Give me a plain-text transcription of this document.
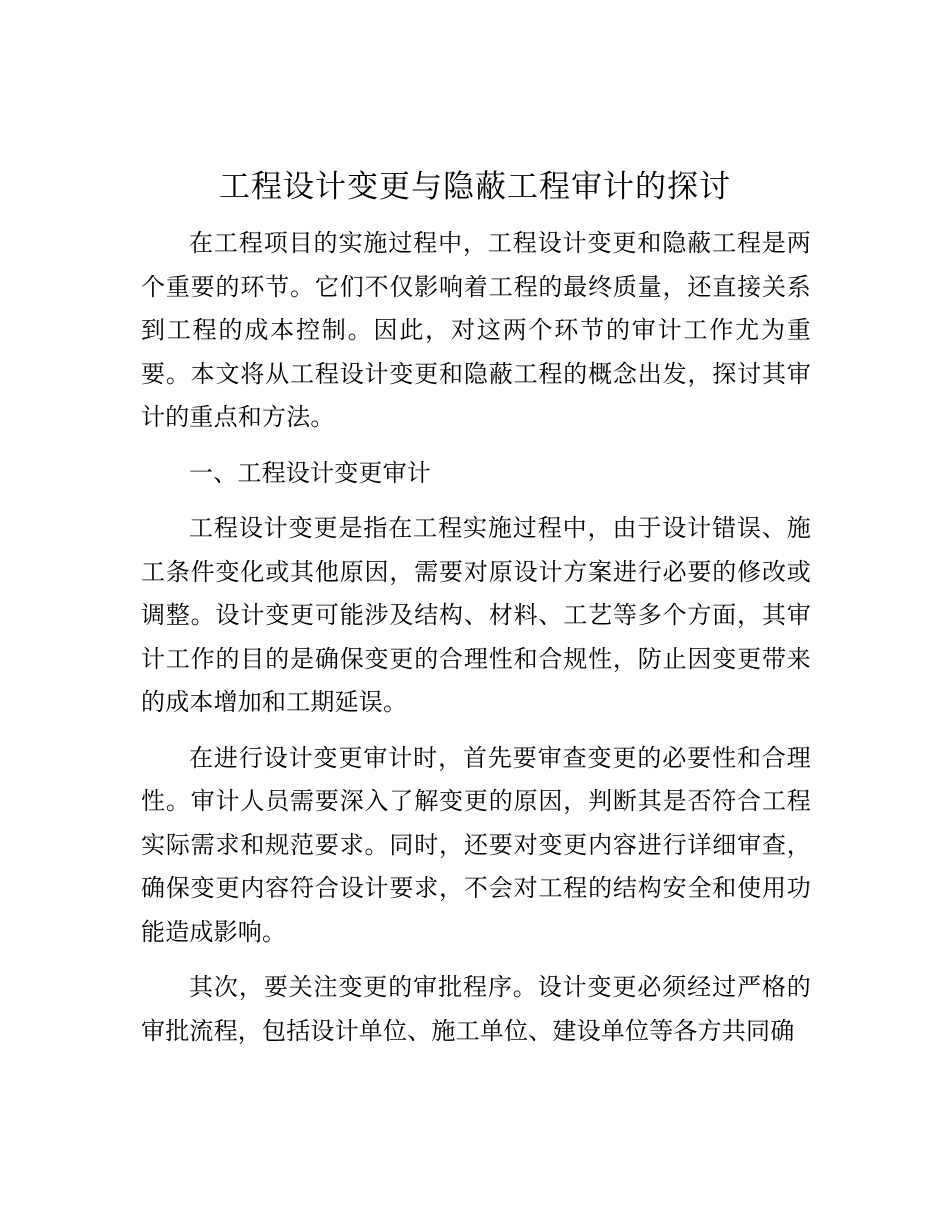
工程设计变更与隐蔽工程审计的探讨

在工程项目的实施过程中，工程设计变更和隐蔽工程是两个重要的环节。它们不仅影响着工程的最终质量，还直接关系到工程的成本控制。因此，对这两个环节的审计工作尤为重要。本文将从工程设计变更和隐蔽工程的概念出发，探讨其审计的重点和方法。

一、工程设计变更审计

工程设计变更是指在工程实施过程中，由于设计错误、施工条件变化或其他原因，需要对原设计方案进行必要的修改或调整。设计变更可能涉及结构、材料、工艺等多个方面，其审计工作的目的是确保变更的合理性和合规性，防止因变更带来的成本增加和工期延误。

在进行设计变更审计时，首先要审查变更的必要性和合理性。审计人员需要深入了解变更的原因，判断其是否符合工程实际需求和规范要求。同时，还要对变更内容进行详细审查，确保变更内容符合设计要求，不会对工程的结构安全和使用功能造成影响。

其次，要关注变更的审批程序。设计变更必须经过严格的审批流程，包括设计单位、施工单位、建设单位等各方共同确
